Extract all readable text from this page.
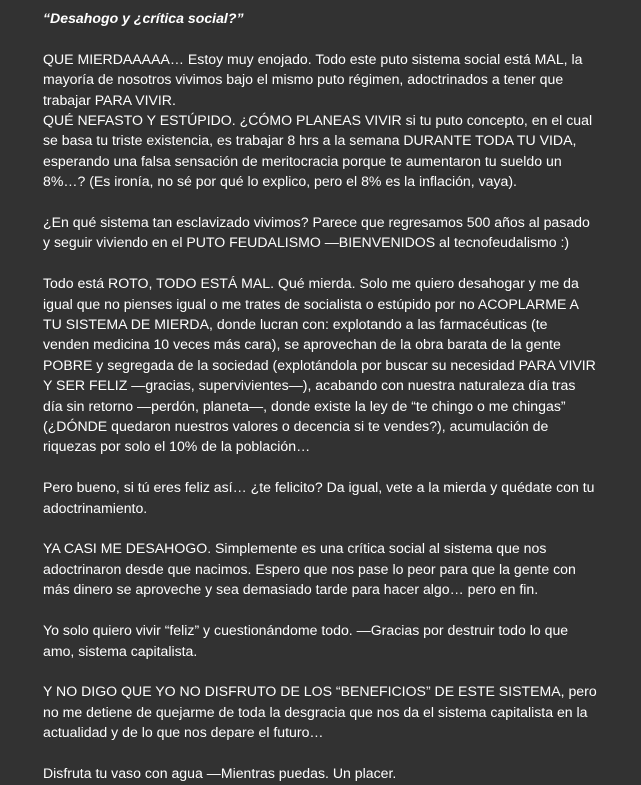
“Desahogo y ¿crítica social?”

QUE MIERDAAAAA… Estoy muy enojado. Todo este puto sistema social está MAL, la mayoría de nosotros vivimos bajo el mismo puto régimen, adoctrinados a tener que trabajar PARA VIVIR.

QUÉ NEFASTO Y ESTÚPIDO. ¿CÓMO PLANEAS VIVIR si tu puto concepto, en el cual se basa tu triste existencia, es trabajar 8 hrs a la semana DURANTE TODA TU VIDA, esperando una falsa sensación de meritocracia porque te aumentaron tu sueldo un 8%…? (Es ironía, no sé por qué lo explico, pero el 8% es la inflación, vaya).

¿En qué sistema tan esclavizado vivimos? Parece que regresamos 500 años al pasado y seguir viviendo en el PUTO FEUDALISMO —BIENVENIDOS al tecnofeudalismo :)

Todo está ROTO, TODO ESTÁ MAL. Qué mierda. Solo me quiero desahogar y me da igual que no pienses igual o me trates de socialista o estúpido por no ACOPLARME A TU SISTEMA DE MIERDA, donde lucran con: explotando a las farmacéuticas (te venden medicina 10 veces más cara), se aprovechan de la obra barata de la gente POBRE y segregada de la sociedad (explotándola por buscar su necesidad PARA VIVIR Y SER FELIZ —gracias, supervivientes—), acabando con nuestra naturaleza día tras día sin retorno —perdón, planeta—, donde existe la ley de “te chingo o me chingas” (¿DÓNDE quedaron nuestros valores o decencia si te vendes?), acumulación de riquezas por solo el 10% de la población…

Pero bueno, si tú eres feliz así… ¿te felicito? Da igual, vete a la mierda y quédate con tu adoctrinamiento.

YA CASI ME DESAHOGO. Simplemente es una crítica social al sistema que nos adoctrinaron desde que nacimos. Espero que nos pase lo peor para que la gente con más dinero se aproveche y sea demasiado tarde para hacer algo… pero en fin.

Yo solo quiero vivir “feliz” y cuestionándome todo. —Gracias por destruir todo lo que amo, sistema capitalista.

Y NO DIGO QUE YO NO DISFRUTO DE LOS “BENEFICIOS” DE ESTE SISTEMA, pero no me detiene de quejarme de toda la desgracia que nos da el sistema capitalista en la actualidad y de lo que nos depare el futuro…

Disfruta tu vaso con agua —Mientras puedas. Un placer.
